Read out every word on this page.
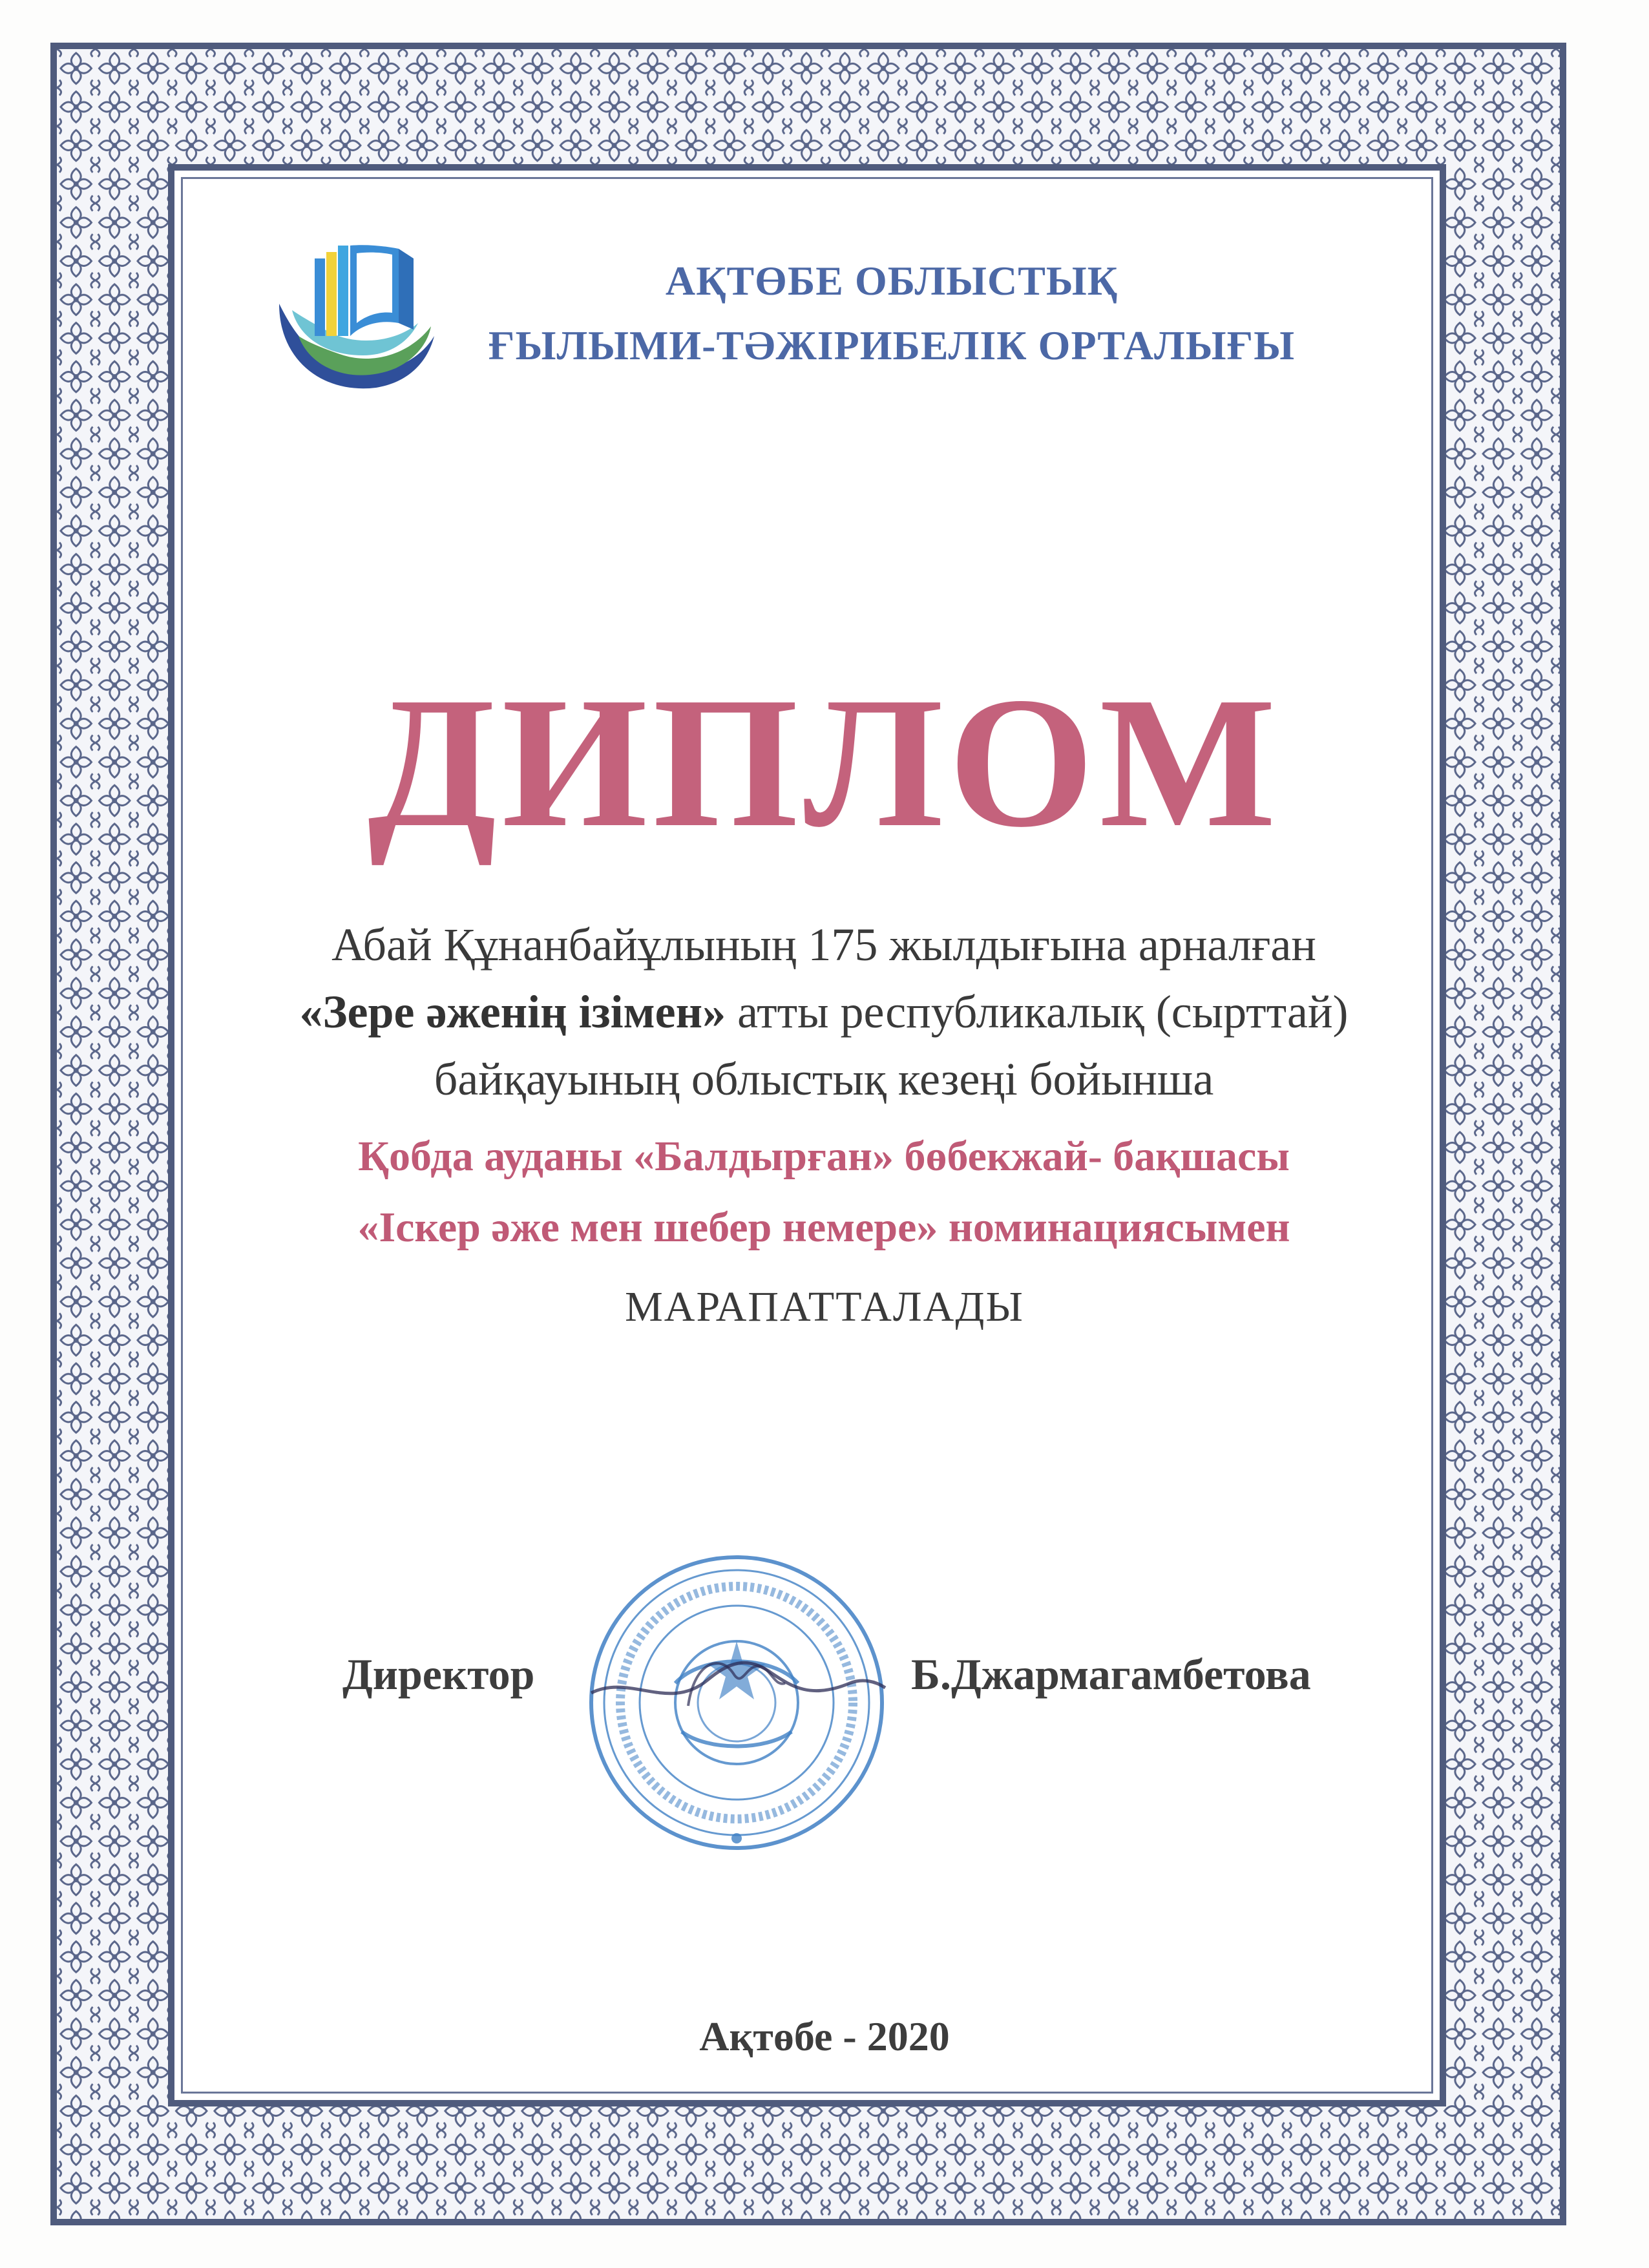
АҚТӨБЕ ОБЛЫСТЫҚ
ҒЫЛЫМИ-ТӘЖІРИБЕЛІК ОРТАЛЫҒЫ
ДИПЛОМ
Абай Құнанбайұлының 175 жылдығына арналған
«Зере әженің ізімен» атты республикалық (сырттай)
байқауының облыстық кезеңі бойынша
Қобда ауданы «Балдырған» бөбекжай- бақшасы
«Іскер әже мен шебер немере» номинациясымен
МАРАПАТТАЛАДЫ
Директор	Б.Джармагамбетова
Ақтөбе - 2020
